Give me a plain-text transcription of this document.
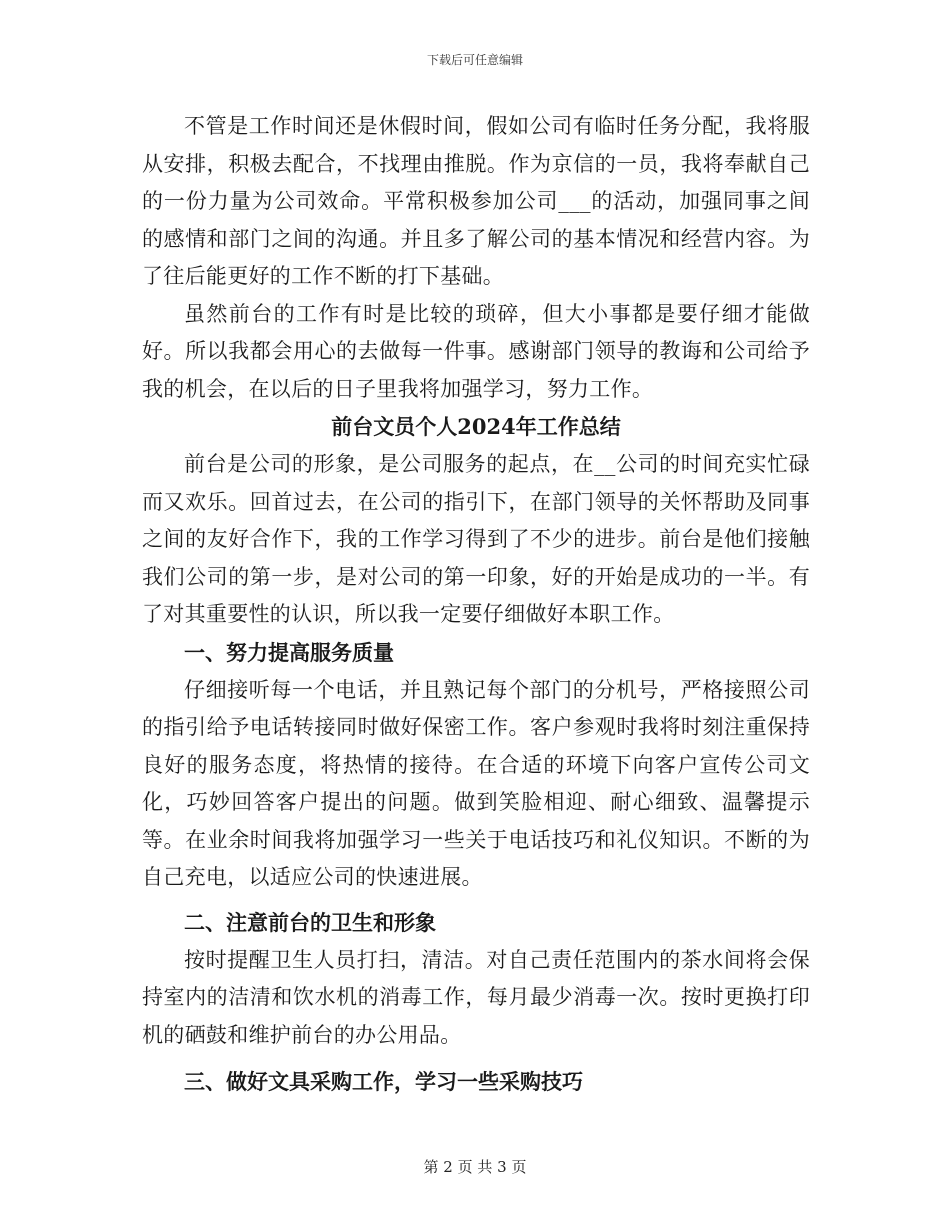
下载后可任意编辑

不管是工作时间还是休假时间，假如公司有临时任务分配，我将服从安排，积极去配合，不找理由推脱。作为京信的一员，我将奉献自己的一份力量为公司效命。平常积极参加公司___的活动，加强同事之间的感情和部门之间的沟通。并且多了解公司的基本情况和经营内容。为了往后能更好的工作不断的打下基础。

虽然前台的工作有时是比较的琐碎，但大小事都是要仔细才能做好。所以我都会用心的去做每一件事。感谢部门领导的教诲和公司给予我的机会，在以后的日子里我将加强学习，努力工作。

前台文员个人2024年工作总结

前台是公司的形象，是公司服务的起点，在__公司的时间充实忙碌而又欢乐。回首过去，在公司的指引下，在部门领导的关怀帮助及同事之间的友好合作下，我的工作学习得到了不少的进步。前台是他们接触我们公司的第一步，是对公司的第一印象，好的开始是成功的一半。有了对其重要性的认识，所以我一定要仔细做好本职工作。

一、努力提高服务质量

仔细接听每一个电话，并且熟记每个部门的分机号，严格接照公司的指引给予电话转接同时做好保密工作。客户参观时我将时刻注重保持良好的服务态度，将热情的接待。在合适的环境下向客户宣传公司文化，巧妙回答客户提出的问题。做到笑脸相迎、耐心细致、温馨提示等。在业余时间我将加强学习一些关于电话技巧和礼仪知识。不断的为自己充电，以适应公司的快速进展。

二、注意前台的卫生和形象

按时提醒卫生人员打扫，清洁。对自己责任范围内的茶水间将会保持室内的洁清和饮水机的消毒工作，每月最少消毒一次。按时更换打印机的硒鼓和维护前台的办公用品。

三、做好文具采购工作，学习一些采购技巧

第 2 页 共 3 页
